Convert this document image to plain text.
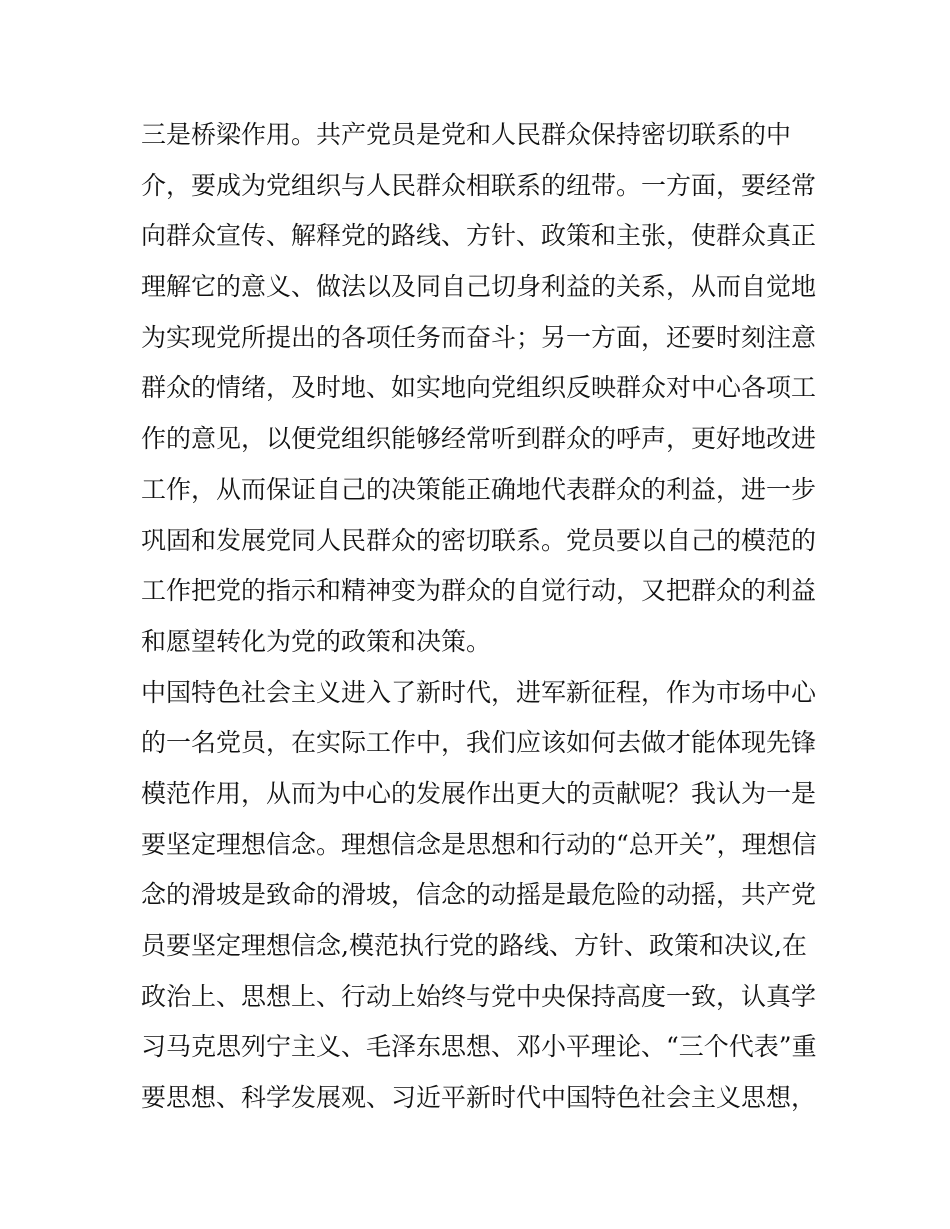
三是桥梁作用。共产党员是党和人民群众保持密切联系的中
介，要成为党组织与人民群众相联系的纽带。一方面，要经常
向群众宣传、解释党的路线、方针、政策和主张，使群众真正
理解它的意义、做法以及同自己切身利益的关系，从而自觉地
为实现党所提出的各项任务而奋斗；另一方面，还要时刻注意
群众的情绪，及时地、如实地向党组织反映群众对中心各项工
作的意见，以便党组织能够经常听到群众的呼声，更好地改进
工作，从而保证自己的决策能正确地代表群众的利益，进一步
巩固和发展党同人民群众的密切联系。党员要以自己的模范的
工作把党的指示和精神变为群众的自觉行动，又把群众的利益
和愿望转化为党的政策和决策。
中国特色社会主义进入了新时代，进军新征程，作为市场中心
的一名党员，在实际工作中，我们应该如何去做才能体现先锋
模范作用，从而为中心的发展作出更大的贡献呢？我认为一是
要坚定理想信念。理想信念是思想和行动的“总开关”，理想信
念的滑坡是致命的滑坡，信念的动摇是最危险的动摇，共产党
员要坚定理想信念,模范执行党的路线、方针、政策和决议,在
政治上、思想上、行动上始终与党中央保持高度一致，认真学
习马克思列宁主义、毛泽东思想、邓小平理论、“三个代表”重
要思想、科学发展观、习近平新时代中国特色社会主义思想，
